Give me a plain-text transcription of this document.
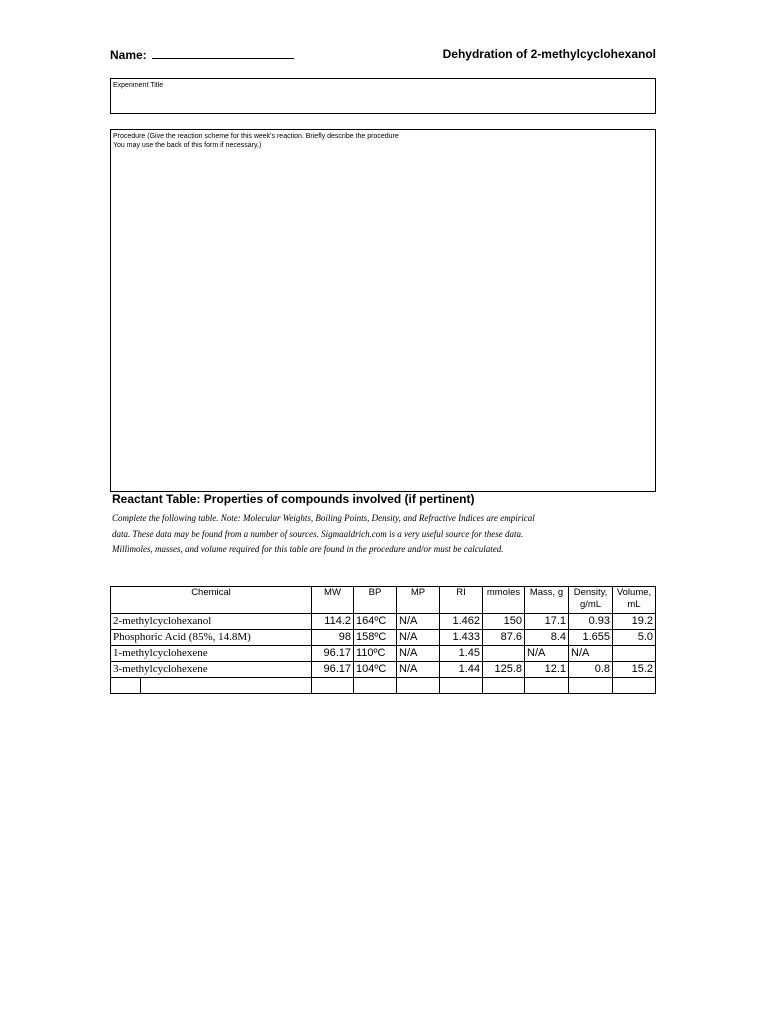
Name:	Dehydration of 2-methylcyclohexanol
Experiment Title
Procedure (Give the reaction scheme for this week's reaction. Briefly describe the procedure
You may use the back of this form if necessary.)
Reactant Table: Properties of compounds involved (if pertinent)
Complete the following table. Note: Molecular Weights, Boiling Points, Density, and Refractive Indices are empirical
data. These data may be found from a number of sources. Sigmaaldrich.com is a very useful source for these data.
Millimoles, masses, and volume required for this table are found in the procedure and/or must be calculated.
Chemical		MW	BP	MP	RI	mmoles	Mass, g	Density, g/mL	Volume, mL
2-methylcyclohexanol		114.2	164ºC	N/A	1.462	150	17.1	0.93	19.2
Phosphoric Acid (85%, 14.8M)		98	158ºC	N/A	1.433	87.6	8.4	1.655	5.0
1-methylcyclohexene		96.17	110ºC	N/A	1.45		N/A	N/A	
3-methylcyclohexene		96.17	104ºC	N/A	1.44	125.8	12.1	0.8	15.2
